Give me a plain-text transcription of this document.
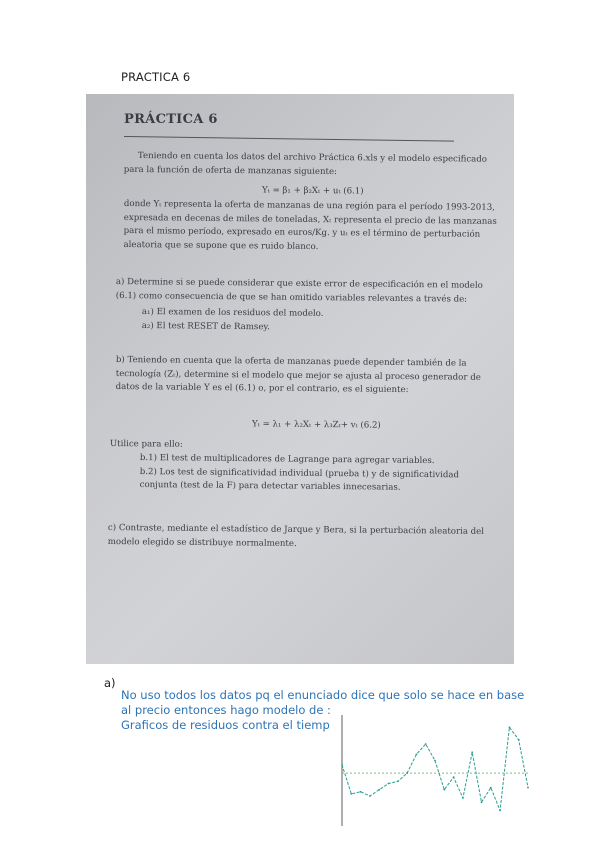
PRACTICA 6
PRÁCTICA 6
Teniendo en cuenta los datos del archivo Práctica 6.xls y el modelo especificado
para la función de oferta de manzanas siguiente:
Yₜ = β₁ + β₂Xₜ + uₜ (6.1)
donde Yₜ representa la oferta de manzanas de una región para el período 1993-2013,
expresada en decenas de miles de toneladas, Xₜ representa el precio de las manzanas
para el mismo período, expresado en euros/Kg. y uₜ es el término de perturbación
aleatoria que se supone que es ruido blanco.
a) Determine si se puede considerar que existe error de especificación en el modelo
(6.1) como consecuencia de que se han omitido variables relevantes a través de:
a₁) El examen de los residuos del modelo.
a₂) El test RESET de Ramsey.
b) Teniendo en cuenta que la oferta de manzanas puede depender también de la
tecnología (Zₜ), determine si el modelo que mejor se ajusta al proceso generador de
datos de la variable Y es el (6.1) o, por el contrario, es el siguiente:
Yₜ = λ₁ + λ₂Xₜ + λ₃Zₜ+ vₜ (6.2)
Utilice para ello:
b.1) El test de multiplicadores de Lagrange para agregar variables.
b.2) Los test de significatividad individual (prueba t) y de significatividad
conjunta (test de la F) para detectar variables innecesarias.
c) Contraste, mediante el estadístico de Jarque y Bera, si la perturbación aleatoria del
modelo elegido se distribuye normalmente.
a)
No uso todos los datos pq el enunciado dice que solo se hace en base
al precio entonces hago modelo de :
Graficos de residuos contra el tiemp
